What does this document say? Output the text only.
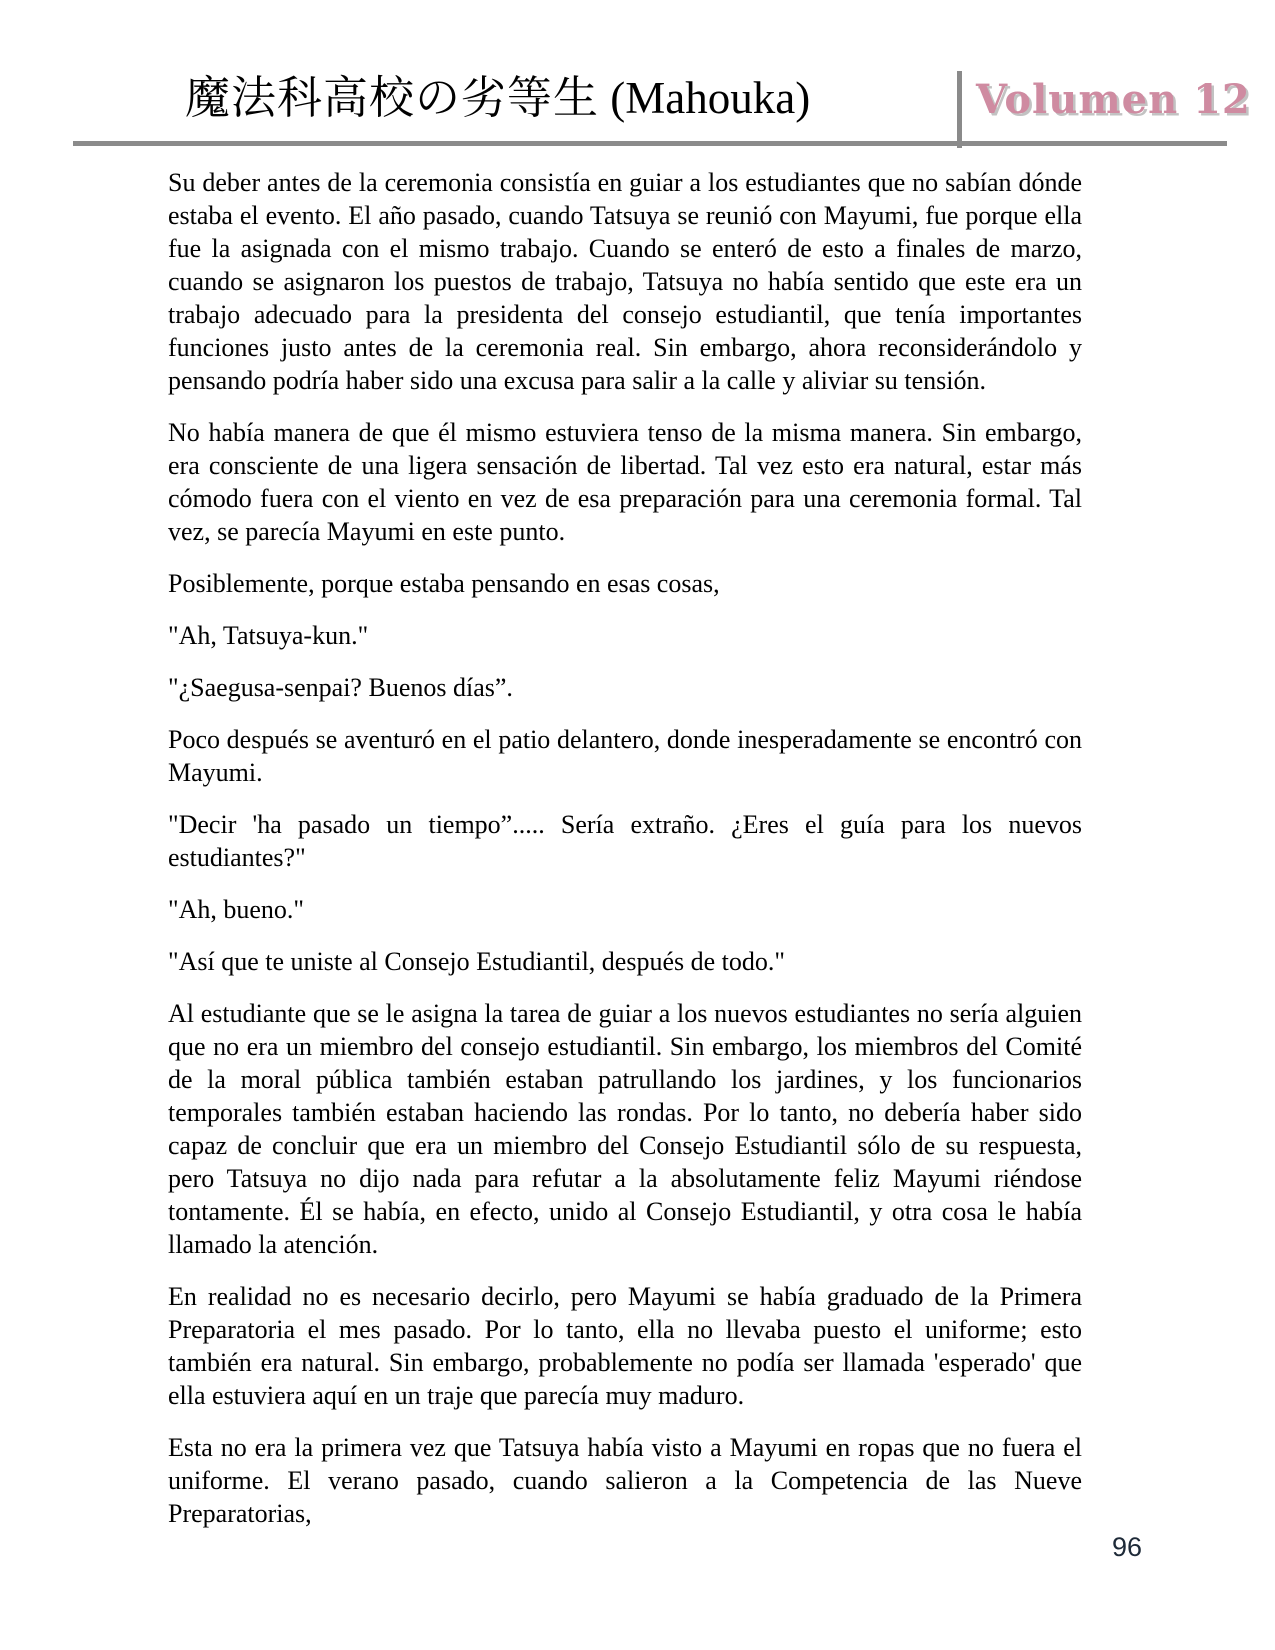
魔法科高校の劣等生 (Mahouka)	Volumen 12

Su deber antes de la ceremonia consistía en guiar a los estudiantes que no sabían dónde estaba el evento. El año pasado, cuando Tatsuya se reunió con Mayumi, fue porque ella fue la asignada con el mismo trabajo. Cuando se enteró de esto a finales de marzo, cuando se asignaron los puestos de trabajo, Tatsuya no había sentido que este era un trabajo adecuado para la presidenta del consejo estudiantil, que tenía importantes funciones justo antes de la ceremonia real. Sin embargo, ahora reconsiderándolo y pensando podría haber sido una excusa para salir a la calle y aliviar su tensión.

No había manera de que él mismo estuviera tenso de la misma manera. Sin embargo, era consciente de una ligera sensación de libertad. Tal vez esto era natural, estar más cómodo fuera con el viento en vez de esa preparación para una ceremonia formal. Tal vez, se parecía Mayumi en este punto.

Posiblemente, porque estaba pensando en esas cosas,

"Ah, Tatsuya-kun."

"¿Saegusa-senpai? Buenos días”.

Poco después se aventuró en el patio delantero, donde inesperadamente se encontró con Mayumi.

"Decir 'ha pasado un tiempo”..... Sería extraño. ¿Eres el guía para los nuevos estudiantes?"

"Ah, bueno."

"Así que te uniste al Consejo Estudiantil, después de todo."

Al estudiante que se le asigna la tarea de guiar a los nuevos estudiantes no sería alguien que no era un miembro del consejo estudiantil. Sin embargo, los miembros del Comité de la moral pública también estaban patrullando los jardines, y los funcionarios temporales también estaban haciendo las rondas. Por lo tanto, no debería haber sido capaz de concluir que era un miembro del Consejo Estudiantil sólo de su respuesta, pero Tatsuya no dijo nada para refutar a la absolutamente feliz Mayumi riéndose tontamente. Él se había, en efecto, unido al Consejo Estudiantil, y otra cosa le había llamado la atención.

En realidad no es necesario decirlo, pero Mayumi se había graduado de la Primera Preparatoria el mes pasado. Por lo tanto, ella no llevaba puesto el uniforme; esto también era natural. Sin embargo, probablemente no podía ser llamada 'esperado' que ella estuviera aquí en un traje que parecía muy maduro.

Esta no era la primera vez que Tatsuya había visto a Mayumi en ropas que no fuera el uniforme. El verano pasado, cuando salieron a la Competencia de las Nueve Preparatorias,

96
